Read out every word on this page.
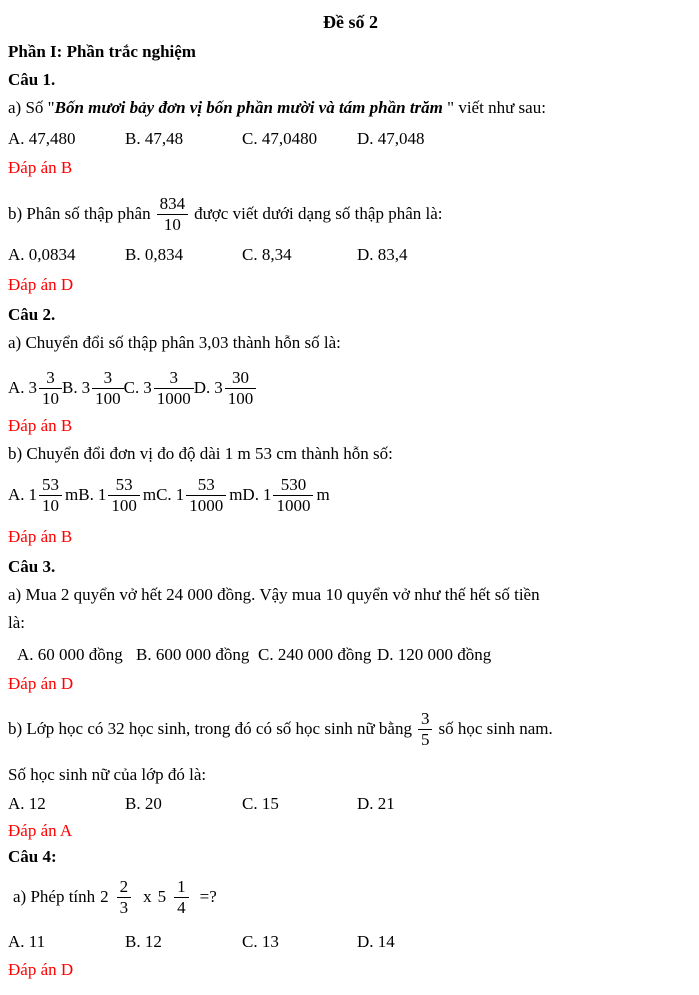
Đề số 2
Phần I: Phần trắc nghiệm
Câu 1.
a) Số "Bốn mươi bảy đơn vị bốn phần mười và tám phần trăm " viết như sau:
A. 47,480	B. 47,48	C. 47,0480 D. 47,048
Đáp án B
b) Phân số thập phân $\frac{834}{10}$ được viết dưới dạng số thập phân là:
A. 0,0834	B. 0,834	C. 8,34	D. 83,4
Đáp án D
Câu 2.
a) Chuyển đổi số thập phân 3,03 thành hỗn số là:
A. $3 \frac{3}{10} B$. $3 \frac{3}{100} C$. $3 \frac{3}{1000} D$. $3 \frac{30}{100}$
Đáp án B
b) Chuyển đổi đơn vị đo độ dài 1 m 53 cm thành hỗn số:
A. $1 \frac{53}{10}$ m B. $1 \frac{53}{100}$ m C. $1 \frac{53}{1000}$ m D. $1 \frac{530}{1000}$ m
Đáp án B
Câu 3.
a) Mua 2 quyển vở hết 24 000 đồng. Vậy mua 10 quyển vở như thế hết số tiền
là:
A. 60 000 đồng B. 600 000 đồng C. 240 000 đồng D. 120 000 đồng
Đáp án D
b) Lớp học có 32 học sinh, trong đó có số học sinh nữ bằng $\frac{3}{5}$ số học sinh nam.
Số học sinh nữ của lớp đó là:
A. 12	B. 20	C. 15	D. 21
Đáp án A
Câu 4:
a) Phép tính $2 \frac{2}{3}$ x $5 \frac{1}{4}$ =?
A. 11	B. 12	C. 13	D. 14
Đáp án D
